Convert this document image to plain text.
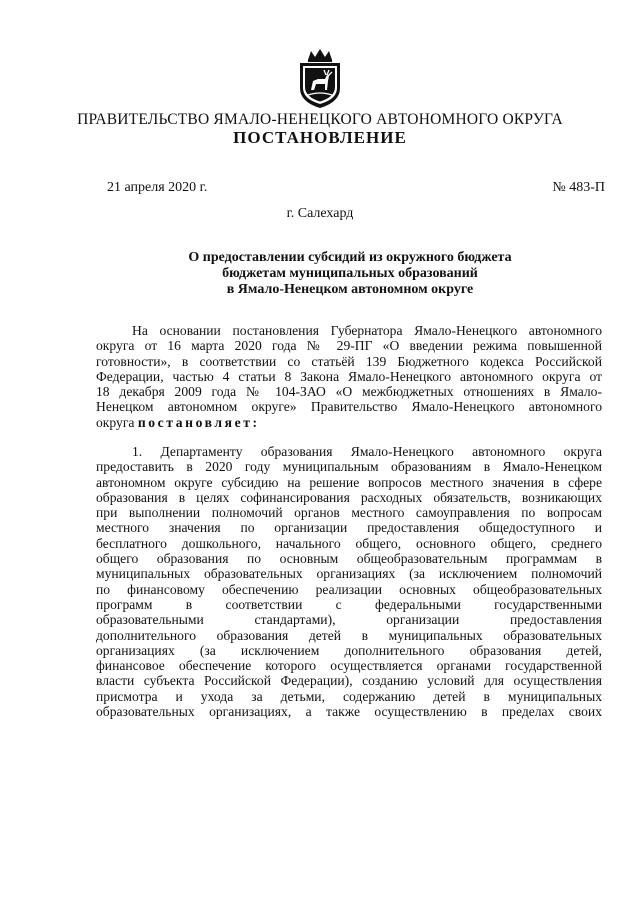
ПРАВИТЕЛЬСТВО ЯМАЛО-НЕНЕЦКОГО АВТОНОМНОГО ОКРУГА
ПОСТАНОВЛЕНИЕ
21 апреля 2020 г.	№ 483-П
г. Салехард
О предоставлении субсидий из окружного бюджета
бюджетам муниципальных образований
в Ямало-Ненецком автономном округе
На основании постановления Губернатора Ямало-Ненецкого автономного
округа от 16 марта 2020 года № 29-ПГ «О введении режима повышенной
готовности», в соответствии со статьёй 139 Бюджетного кодекса Российской
Федерации, частью 4 статьи 8 Закона Ямало-Ненецкого автономного округа от
18 декабря 2009 года № 104-ЗАО «О межбюджетных отношениях в Ямало-
Ненецком автономном округе» Правительство Ямало-Ненецкого автономного
округа постановляет:
1. Департаменту образования Ямало-Ненецкого автономного округа
предоставить в 2020 году муниципальным образованиям в Ямало-Ненецком
автономном округе субсидию на решение вопросов местного значения в сфере
образования в целях софинансирования расходных обязательств, возникающих
при выполнении полномочий органов местного самоуправления по вопросам
местного значения по организации предоставления общедоступного и
бесплатного дошкольного, начального общего, основного общего, среднего
общего образования по основным общеобразовательным программам в
муниципальных образовательных организациях (за исключением полномочий
по финансовому обеспечению реализации основных общеобразовательных
программ в соответствии с федеральными государственными
образовательными стандартами), организации предоставления
дополнительного образования детей в муниципальных образовательных
организациях (за исключением дополнительного образования детей,
финансовое обеспечение которого осуществляется органами государственной
власти субъекта Российской Федерации), созданию условий для осуществления
присмотра и ухода за детьми, содержанию детей в муниципальных
образовательных организациях, а также осуществлению в пределах своих
